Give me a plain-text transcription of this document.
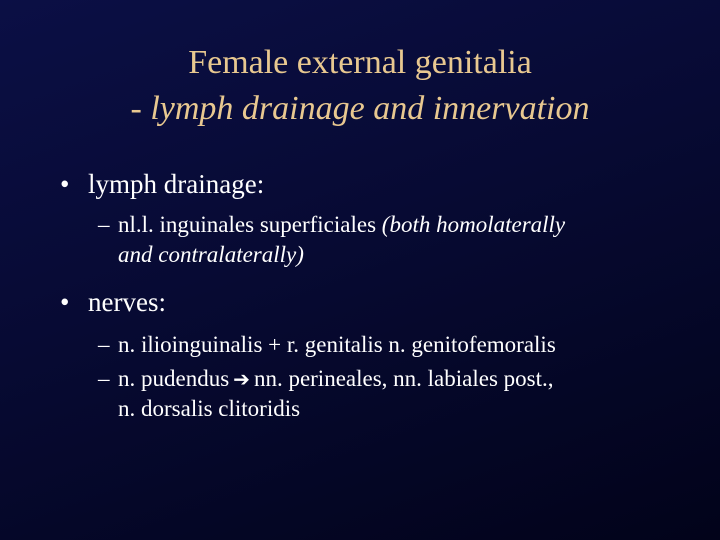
Female external genitalia
- lymph drainage and innervation
• lymph drainage:
– nl.l. inguinales superficiales (both homolaterally
and contralaterally)
• nerves:
– n. ilioinguinalis + r. genitalis n. genitofemoralis
– n. pudendus ➔ nn. perineales, nn. labiales post.,
n. dorsalis clitoridis
